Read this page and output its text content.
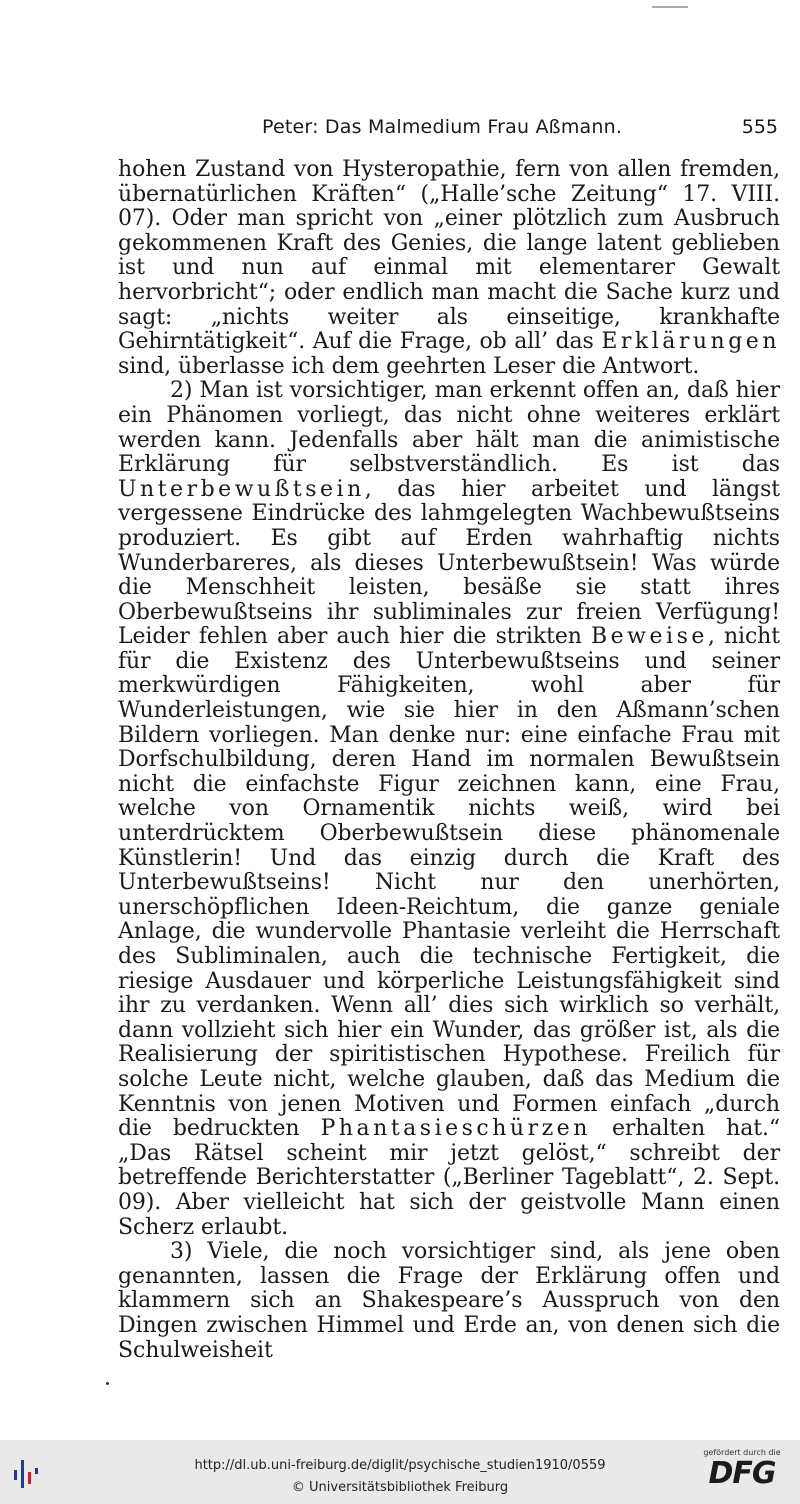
Peter: Das Malmedium Frau Aßmann.	555

hohen Zustand von Hysteropathie, fern von allen fremden, übernatürlichen Kräften“ („Halle’sche Zeitung“ 17. VIII. 07). Oder man spricht von „einer plötzlich zum Ausbruch gekommenen Kraft des Genies, die lange latent geblieben ist und nun auf einmal mit elementarer Gewalt hervorbricht“; oder endlich man macht die Sache kurz und sagt: „nichts weiter als einseitige, krankhafte Gehirntätigkeit“. Auf die Frage, ob all’ das Erklärungen sind, überlasse ich dem geehrten Leser die Antwort.

2) Man ist vorsichtiger, man erkennt offen an, daß hier ein Phänomen vorliegt, das nicht ohne weiteres erklärt werden kann. Jedenfalls aber hält man die animistische Erklärung für selbstverständlich. Es ist das Unterbewußtsein, das hier arbeitet und längst vergessene Eindrücke des lahmgelegten Wachbewußtseins produziert. Es gibt auf Erden wahrhaftig nichts Wunderbareres, als dieses Unterbewußtsein! Was würde die Menschheit leisten, besäße sie statt ihres Oberbewußtseins ihr subliminales zur freien Verfügung! Leider fehlen aber auch hier die strikten Beweise, nicht für die Existenz des Unterbewußtseins und seiner merkwürdigen Fähigkeiten, wohl aber für Wunderleistungen, wie sie hier in den Aßmann’schen Bildern vorliegen. Man denke nur: eine einfache Frau mit Dorfschulbildung, deren Hand im normalen Bewußtsein nicht die einfachste Figur zeichnen kann, eine Frau, welche von Ornamentik nichts weiß, wird bei unterdrücktem Oberbewußtsein diese phänomenale Künstlerin! Und das einzig durch die Kraft des Unterbewußtseins! Nicht nur den unerhörten, unerschöpflichen Ideen-Reichtum, die ganze geniale Anlage, die wundervolle Phantasie verleiht die Herrschaft des Subliminalen, auch die technische Fertigkeit, die riesige Ausdauer und körperliche Leistungsfähigkeit sind ihr zu verdanken. Wenn all’ dies sich wirklich so verhält, dann vollzieht sich hier ein Wunder, das größer ist, als die Realisierung der spiritistischen Hypothese. Freilich für solche Leute nicht, welche glauben, daß das Medium die Kenntnis von jenen Motiven und Formen einfach „durch die bedruckten Phantasieschürzen erhalten hat.“ „Das Rätsel scheint mir jetzt gelöst,“ schreibt der betreffende Berichterstatter („Berliner Tageblatt“, 2. Sept. 09). Aber vielleicht hat sich der geistvolle Mann einen Scherz erlaubt.

3) Viele, die noch vorsichtiger sind, als jene oben genannten, lassen die Frage der Erklärung offen und klammern sich an Shakespeare’s Ausspruch von den Dingen zwischen Himmel und Erde an, von denen sich die Schulweisheit

http://dl.ub.uni-freiburg.de/diglit/psychische_studien1910/0559
© Universitätsbibliothek Freiburg
gefördert durch die
DFG
